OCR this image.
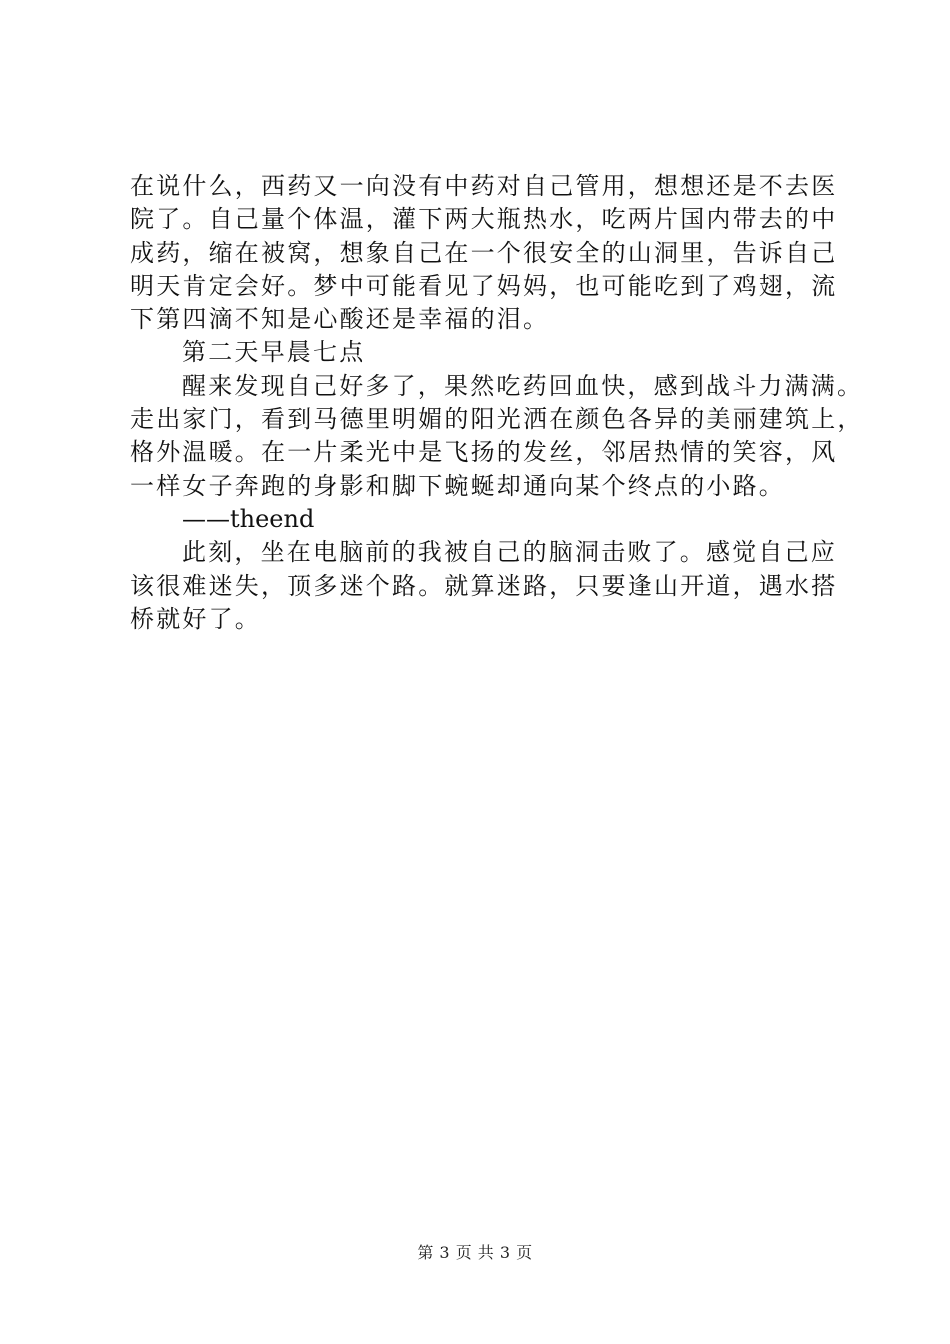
在说什么，西药又一向没有中药对自己管用，想想还是不去医
院了。自己量个体温，灌下两大瓶热水，吃两片国内带去的中
成药，缩在被窝，想象自己在一个很安全的山洞里，告诉自己
明天肯定会好。梦中可能看见了妈妈，也可能吃到了鸡翅，流
下第四滴不知是心酸还是幸福的泪。
第二天早晨七点
醒来发现自己好多了，果然吃药回血快，感到战斗力满满。
走出家门，看到马德里明媚的阳光洒在颜色各异的美丽建筑上，
格外温暖。在一片柔光中是飞扬的发丝，邻居热情的笑容，风
一样女子奔跑的身影和脚下蜿蜒却通向某个终点的小路。
——theend
此刻，坐在电脑前的我被自己的脑洞击败了。感觉自己应
该很难迷失，顶多迷个路。就算迷路，只要逢山开道，遇水搭
桥就好了。
第 3 页 共 3 页
